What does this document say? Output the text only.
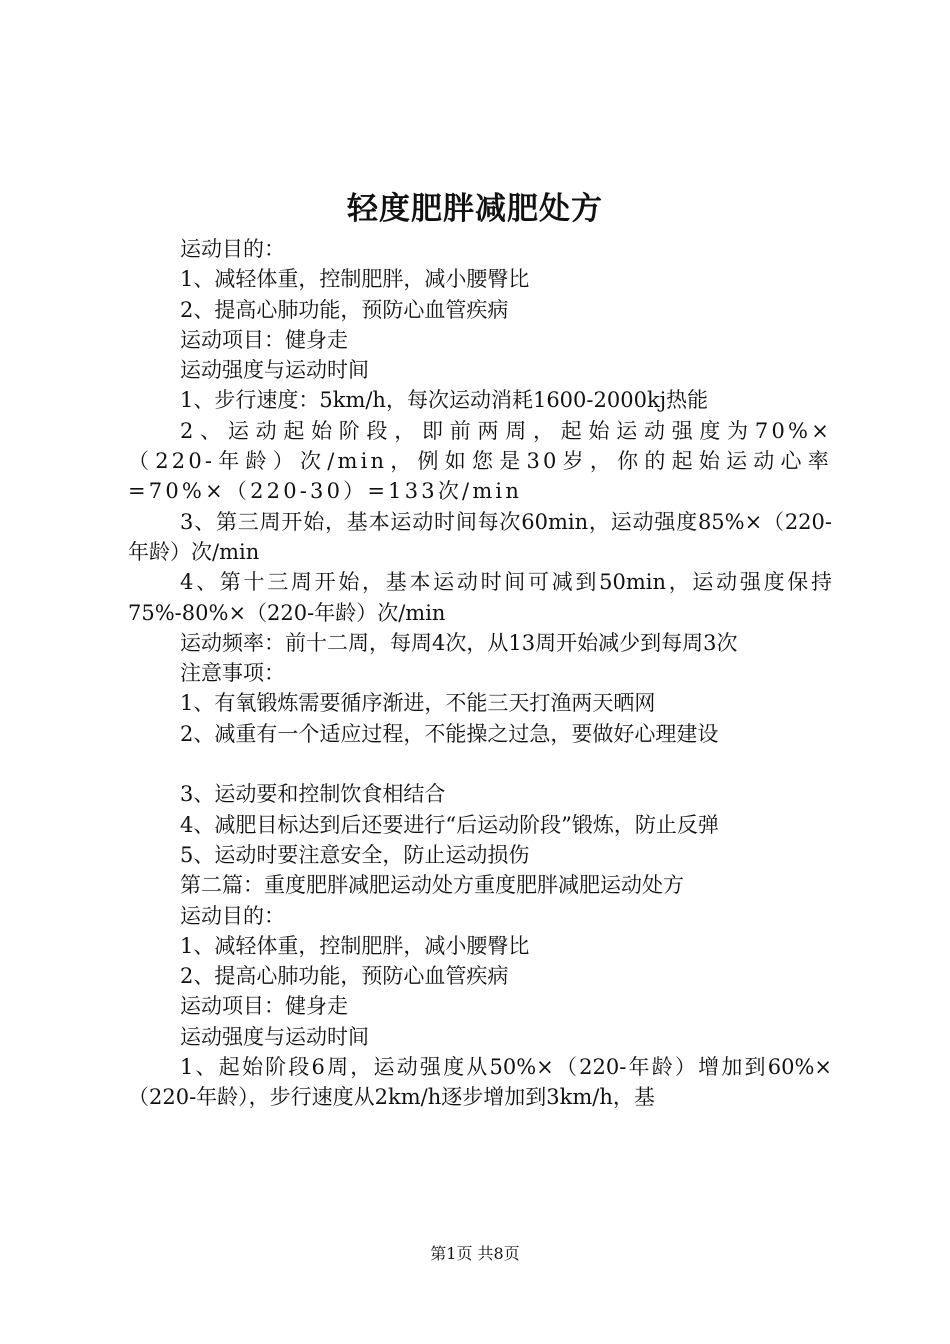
轻度肥胖减肥处方

运动目的：

1、减轻体重，控制肥胖，减小腰臀比

2、提高心肺功能，预防心血管疾病

运动项目：健身走

运动强度与运动时间

1、步行速度：5km/h，每次运动消耗1600-2000kj热能

2、运动起始阶段，即前两周，起始运动强度为70%×（220-年龄）次/min，例如您是30岁，你的起始运动心率=70%×（220-30）=133次/min

3、第三周开始，基本运动时间每次60min，运动强度85%×（220-年龄）次/min

4、第十三周开始，基本运动时间可减到50min，运动强度保持75%-80%×（220-年龄）次/min

运动频率：前十二周，每周4次，从13周开始减少到每周3次

注意事项：

1、有氧锻炼需要循序渐进，不能三天打渔两天晒网

2、减重有一个适应过程，不能操之过急，要做好心理建设

3、运动要和控制饮食相结合

4、减肥目标达到后还要进行“后运动阶段”锻炼，防止反弹

5、运动时要注意安全，防止运动损伤

第二篇：重度肥胖减肥运动处方重度肥胖减肥运动处方

运动目的：

1、减轻体重，控制肥胖，减小腰臀比

2、提高心肺功能，预防心血管疾病

运动项目：健身走

运动强度与运动时间

1、起始阶段6周，运动强度从50%×（220-年龄）增加到60%×（220-年龄），步行速度从2km/h逐步增加到3km/h，基

第1页 共8页
